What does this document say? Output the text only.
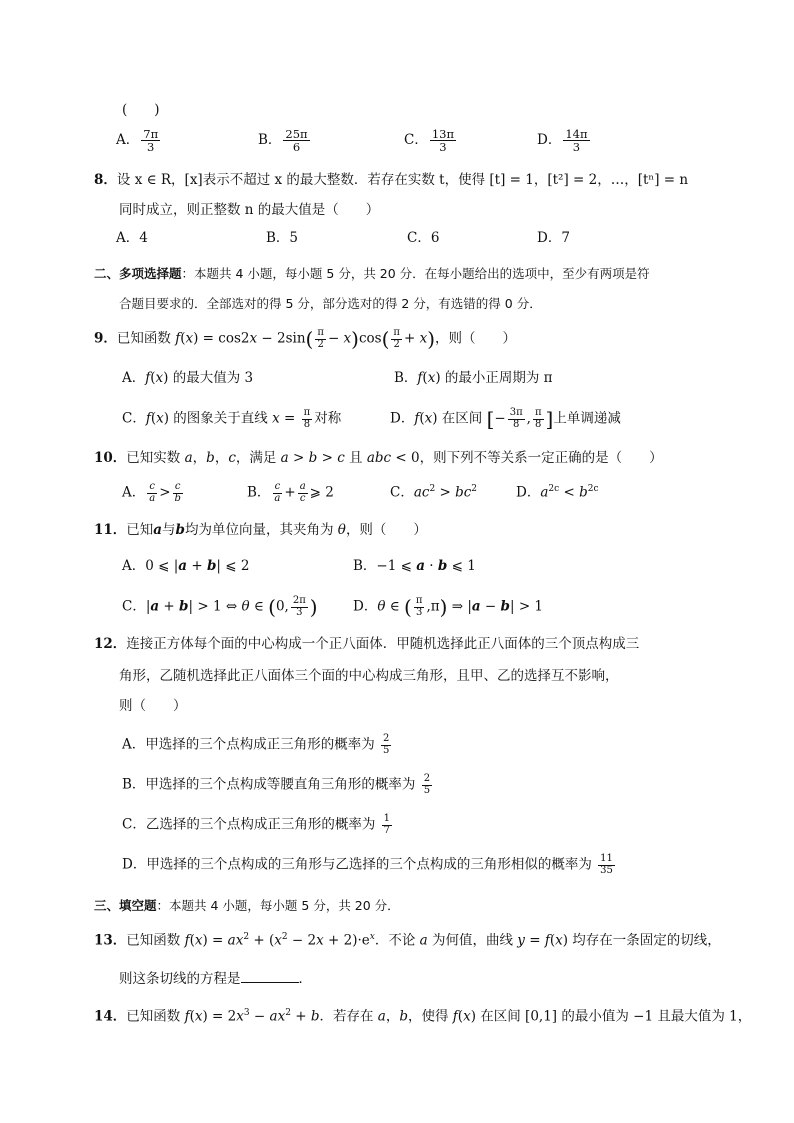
(　　)
A． $\frac{7\pi}{3}$	B． $\frac{25\pi}{6}$	C． $\frac{13\pi}{3}$	D． $\frac{14\pi}{3}$
8．设 x ∈ R，[x]表示不超过 x 的最大整数．若存在实数 t，使得 [t] = 1，[t²] = 2，…，[tⁿ] = n
同时成立，则正整数 n 的最大值是（　　）
A．4	B．5	C．6	D．7
二、多项选择题：本题共 4 小题，每小题 5 分，共 20 分．在每小题给出的选项中，至少有两项是符
合题目要求的．全部选对的得 5 分，部分选对的得 2 分，有选错的得 0 分．
9．已知函数 $f(x) = \cos 2x - 2\sin( \frac{\pi}{2} - x)\cos( \frac{\pi}{2} + x)$，则（　　）
A．f(x) 的最大值为 3	B．f(x) 的最小正周期为 π
C．f(x) 的图象关于直线 $x = \frac{\pi}{8}$ 对称	D．f(x) 在区间 [− $\frac{3\pi}{8}$ , $\frac{\pi}{8}$ ]上单调递减
10．已知实数 a，b，c，满足 a > b > c 且 abc < 0，则下列不等关系一定正确的是（　　）
A． $\frac{c}{a} > \frac{c}{b}$	B． $\frac{c}{a} + \frac{a}{c}$ ⩾ 2	C．$ac^2 > bc^2$	D．$a^{2c} < b^{2c}$
11．已知a与b均为单位向量，其夹角为 θ，则（　　）
A．0 ⩽ |a + b| ⩽ 2	B．−1 ⩽ a · b ⩽ 1
C．|a + b| > 1 ⇔ θ ∈ (0, $\frac{2\pi}{3}$ )	D．θ ∈ ( $\frac{\pi}{3} ,\pi$) ⇒ |a − b| > 1
12．连接正方体每个面的中心构成一个正八面体．甲随机选择此正八面体的三个顶点构成三
角形，乙随机选择此正八面体三个面的中心构成三角形，且甲、乙的选择互不影响，
则（　　）
A．甲选择的三个点构成正三角形的概率为 $\frac{2}{5}$
B．甲选择的三个点构成等腰直角三角形的概率为 $\frac{2}{5}$
C．乙选择的三个点构成正三角形的概率为 $\frac{1}{7}$
D．甲选择的三个点构成的三角形与乙选择的三个点构成的三角形相似的概率为 $\frac{11}{35}$
三、填空题：本题共 4 小题，每小题 5 分，共 20 分．
13．已知函数 $f(x) = ax^2 + (x^2 - 2x + 2)\cdot e^x$．不论 a 为何值，曲线 y = f(x) 均存在一条固定的切线，
则这条切线的方程是	．
14．已知函数 $f(x) = 2x^3 - ax^2 + b$．若存在 a，b，使得 f(x) 在区间 [0,1] 的最小值为 −1 且最大值为 1，
